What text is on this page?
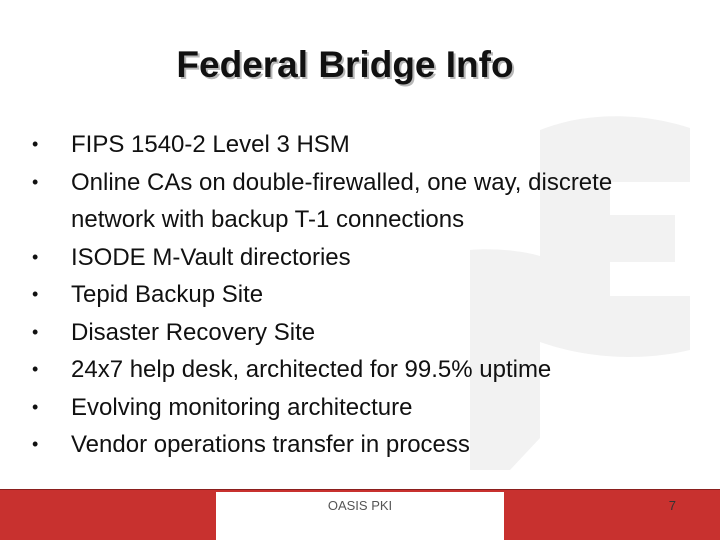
Federal Bridge Info
•	FIPS 1540-2 Level 3 HSM
•	Online CAs on double-firewalled, one way, discrete network with backup T-1 connections
•	ISODE M-Vault directories
•	Tepid Backup Site
•	Disaster Recovery Site
•	24x7 help desk, architected for 99.5% uptime
•	Evolving monitoring architecture
•	Vendor operations transfer in process
OASIS PKI	7
